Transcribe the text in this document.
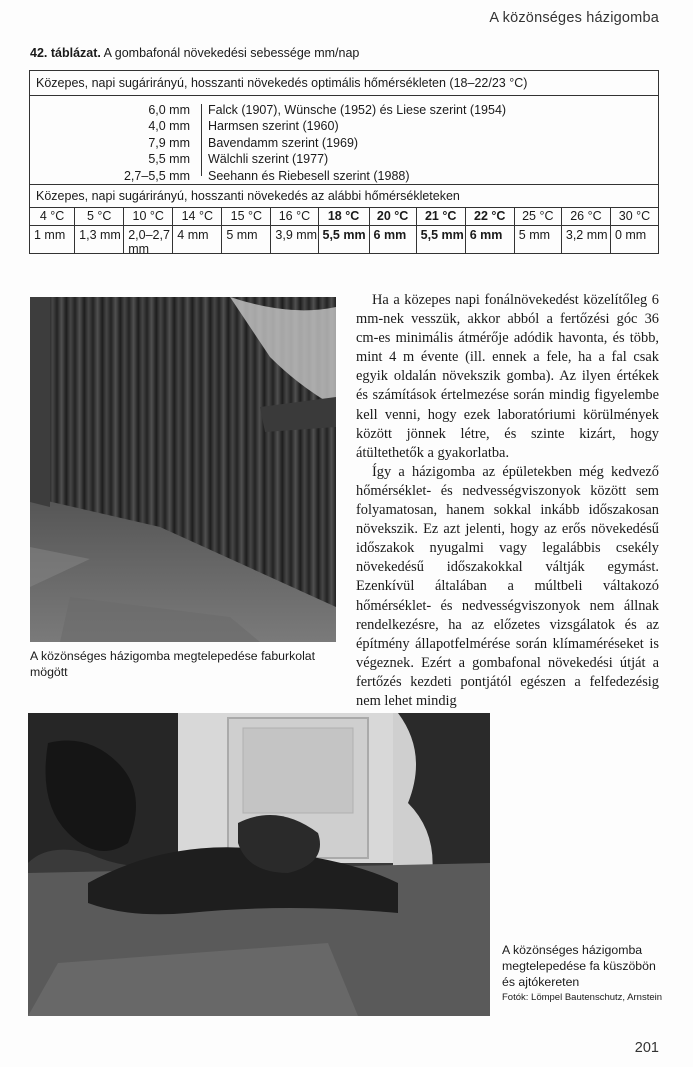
A közönséges házigomba
42. táblázat. A gombafonál növekedési sebessége mm/nap
Közepes, napi sugárirányú, hosszanti növekedés optimális hőmérsékleten (18–22/23 °C)
6,0 mm
4,0 mm
7,9 mm
5,5 mm
2,7–5,5 mm
Falck (1907), Wünsche (1952) és Liese szerint (1954)
Harmsen szerint (1960)
Bavendamm szerint (1969)
Wälchli szerint (1977)
Seehann és Riebesell szerint (1988)
Közepes, napi sugárirányú, hosszanti növekedés az alábbi hőmérsékleteken
4 °C
1 mm
5 °C
1,3 mm
10 °C
2,0–2,7 mm
14 °C
4 mm
15 °C
5 mm
16 °C
3,9 mm
18 °C
5,5 mm
20 °C
6 mm
21 °C
5,5 mm
22 °C
6 mm
25 °C
5 mm
26 °C
3,2 mm
30 °C
0 mm
A közönséges házigomba megtelepedése faburkolat mögött

Ha a közepes napi fonálnövekedést közelítőleg 6 mm-nek vesszük, akkor abból a fertőzési góc 36 cm-es minimális átmérője adódik havonta, és több, mint 4 m évente (ill. ennek a fele, ha a fal csak egyik oldalán növekszik gomba). Az ilyen értékek és számítások értelmezése során mindig figyelembe kell venni, hogy ezek laboratóriumi körülmények között jönnek létre, és szinte kizárt, hogy átültethetők a gyakorlatba.

Így a házigomba az épületekben még kedvező hőmérséklet- és nedvességviszonyok között sem folyamatosan, hanem sokkal inkább időszakosan növekszik. Ez azt jelenti, hogy az erős növekedésű időszakok nyugalmi vagy legalábbis csekély növekedésű időszakokkal váltják egymást. Ezenkívül általában a múltbeli váltakozó hőmérséklet- és nedvességviszonyok nem állnak rendelkezésre, ha az előzetes vizsgálatok és az építmény állapotfelmérése során klímaméréseket is végeznek. Ezért a gombafonal növekedési útját a fertőzés kezdeti pontjától egészen a felfedezésig nem lehet mindig

A közönséges házigomba megtelepedése fa küszöbön és ajtókereten
Fotók: Lömpel Bautenschutz, Arnstein
201
